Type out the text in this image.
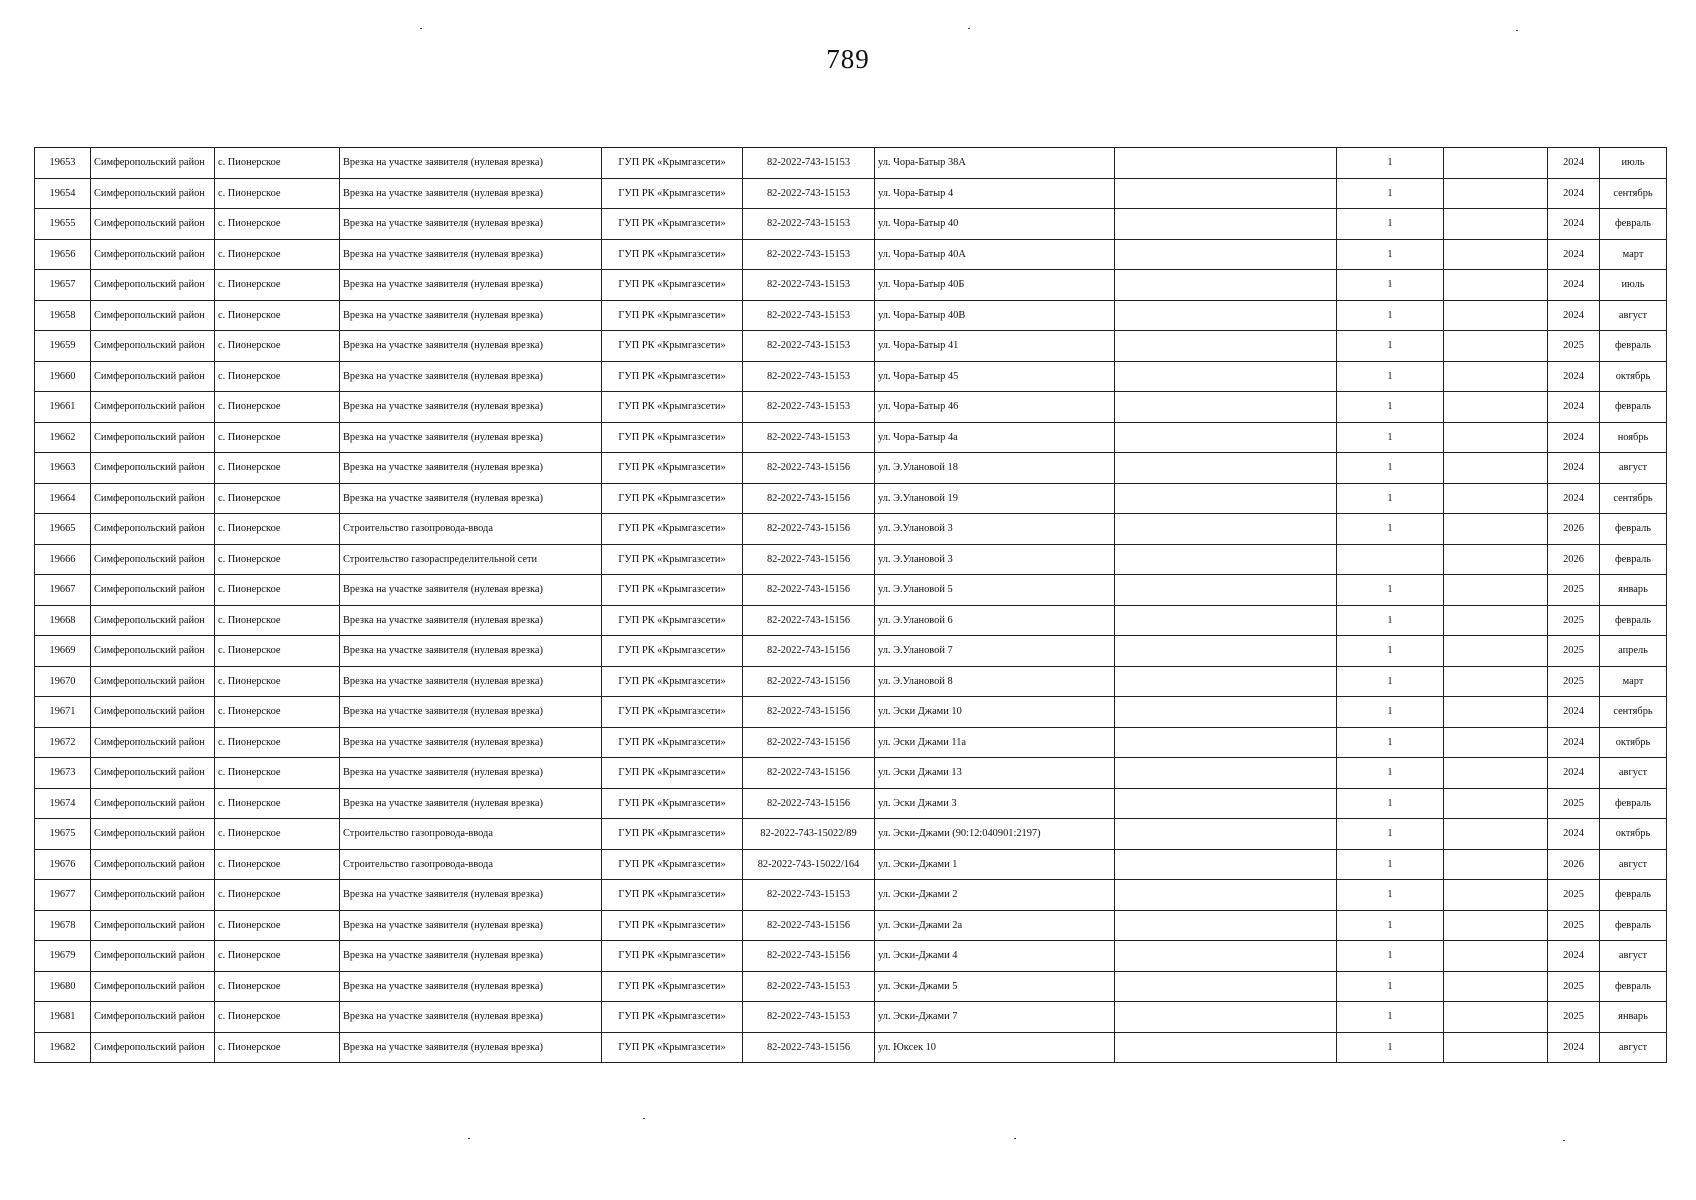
789
19653	Симферопольский район	с. Пионерское	Врезка на участке заявителя (нулевая врезка)	ГУП РК «Крымгазсети»	82-2022-743-15153	ул. Чора-Батыр 38А		1		2024	июль
19654	Симферопольский район	с. Пионерское	Врезка на участке заявителя (нулевая врезка)	ГУП РК «Крымгазсети»	82-2022-743-15153	ул. Чора-Батыр 4		1		2024	сентябрь
19655	Симферопольский район	с. Пионерское	Врезка на участке заявителя (нулевая врезка)	ГУП РК «Крымгазсети»	82-2022-743-15153	ул. Чора-Батыр 40		1		2024	февраль
19656	Симферопольский район	с. Пионерское	Врезка на участке заявителя (нулевая врезка)	ГУП РК «Крымгазсети»	82-2022-743-15153	ул. Чора-Батыр 40А		1		2024	март
19657	Симферопольский район	с. Пионерское	Врезка на участке заявителя (нулевая врезка)	ГУП РК «Крымгазсети»	82-2022-743-15153	ул. Чора-Батыр 40Б		1		2024	июль
19658	Симферопольский район	с. Пионерское	Врезка на участке заявителя (нулевая врезка)	ГУП РК «Крымгазсети»	82-2022-743-15153	ул. Чора-Батыр 40В		1		2024	август
19659	Симферопольский район	с. Пионерское	Врезка на участке заявителя (нулевая врезка)	ГУП РК «Крымгазсети»	82-2022-743-15153	ул. Чора-Батыр 41		1		2025	февраль
19660	Симферопольский район	с. Пионерское	Врезка на участке заявителя (нулевая врезка)	ГУП РК «Крымгазсети»	82-2022-743-15153	ул. Чора-Батыр 45		1		2024	октябрь
19661	Симферопольский район	с. Пионерское	Врезка на участке заявителя (нулевая врезка)	ГУП РК «Крымгазсети»	82-2022-743-15153	ул. Чора-Батыр 46		1		2024	февраль
19662	Симферопольский район	с. Пионерское	Врезка на участке заявителя (нулевая врезка)	ГУП РК «Крымгазсети»	82-2022-743-15153	ул. Чора-Батыр 4а		1		2024	ноябрь
19663	Симферопольский район	с. Пионерское	Врезка на участке заявителя (нулевая врезка)	ГУП РК «Крымгазсети»	82-2022-743-15156	ул. Э.Улановой 18		1		2024	август
19664	Симферопольский район	с. Пионерское	Врезка на участке заявителя (нулевая врезка)	ГУП РК «Крымгазсети»	82-2022-743-15156	ул. Э.Улановой 19		1		2024	сентябрь
19665	Симферопольский район	с. Пионерское	Строительство газопровода-ввода	ГУП РК «Крымгазсети»	82-2022-743-15156	ул. Э.Улановой 3		1		2026	февраль
19666	Симферопольский район	с. Пионерское	Строительство газораспределительной сети	ГУП РК «Крымгазсети»	82-2022-743-15156	ул. Э.Улановой 3				2026	февраль
19667	Симферопольский район	с. Пионерское	Врезка на участке заявителя (нулевая врезка)	ГУП РК «Крымгазсети»	82-2022-743-15156	ул. Э.Улановой 5		1		2025	январь
19668	Симферопольский район	с. Пионерское	Врезка на участке заявителя (нулевая врезка)	ГУП РК «Крымгазсети»	82-2022-743-15156	ул. Э.Улановой 6		1		2025	февраль
19669	Симферопольский район	с. Пионерское	Врезка на участке заявителя (нулевая врезка)	ГУП РК «Крымгазсети»	82-2022-743-15156	ул. Э.Улановой 7		1		2025	апрель
19670	Симферопольский район	с. Пионерское	Врезка на участке заявителя (нулевая врезка)	ГУП РК «Крымгазсети»	82-2022-743-15156	ул. Э.Улановой 8		1		2025	март
19671	Симферопольский район	с. Пионерское	Врезка на участке заявителя (нулевая врезка)	ГУП РК «Крымгазсети»	82-2022-743-15156	ул. Эски Джами 10		1		2024	сентябрь
19672	Симферопольский район	с. Пионерское	Врезка на участке заявителя (нулевая врезка)	ГУП РК «Крымгазсети»	82-2022-743-15156	ул. Эски Джами 11а		1		2024	октябрь
19673	Симферопольский район	с. Пионерское	Врезка на участке заявителя (нулевая врезка)	ГУП РК «Крымгазсети»	82-2022-743-15156	ул. Эски Джами 13		1		2024	август
19674	Симферопольский район	с. Пионерское	Врезка на участке заявителя (нулевая врезка)	ГУП РК «Крымгазсети»	82-2022-743-15156	ул. Эски Джами 3		1		2025	февраль
19675	Симферопольский район	с. Пионерское	Строительство газопровода-ввода	ГУП РК «Крымгазсети»	82-2022-743-15022/89	ул. Эски-Джами (90:12:040901:2197)		1		2024	октябрь
19676	Симферопольский район	с. Пионерское	Строительство газопровода-ввода	ГУП РК «Крымгазсети»	82-2022-743-15022/164	ул. Эски-Джами 1		1		2026	август
19677	Симферопольский район	с. Пионерское	Врезка на участке заявителя (нулевая врезка)	ГУП РК «Крымгазсети»	82-2022-743-15153	ул. Эски-Джами 2		1		2025	февраль
19678	Симферопольский район	с. Пионерское	Врезка на участке заявителя (нулевая врезка)	ГУП РК «Крымгазсети»	82-2022-743-15156	ул. Эски-Джами 2а		1		2025	февраль
19679	Симферопольский район	с. Пионерское	Врезка на участке заявителя (нулевая врезка)	ГУП РК «Крымгазсети»	82-2022-743-15156	ул. Эски-Джами 4		1		2024	август
19680	Симферопольский район	с. Пионерское	Врезка на участке заявителя (нулевая врезка)	ГУП РК «Крымгазсети»	82-2022-743-15153	ул. Эски-Джами 5		1		2025	февраль
19681	Симферопольский район	с. Пионерское	Врезка на участке заявителя (нулевая врезка)	ГУП РК «Крымгазсети»	82-2022-743-15153	ул. Эски-Джами 7		1		2025	январь
19682	Симферопольский район	с. Пионерское	Врезка на участке заявителя (нулевая врезка)	ГУП РК «Крымгазсети»	82-2022-743-15156	ул. Юксек 10		1		2024	август
